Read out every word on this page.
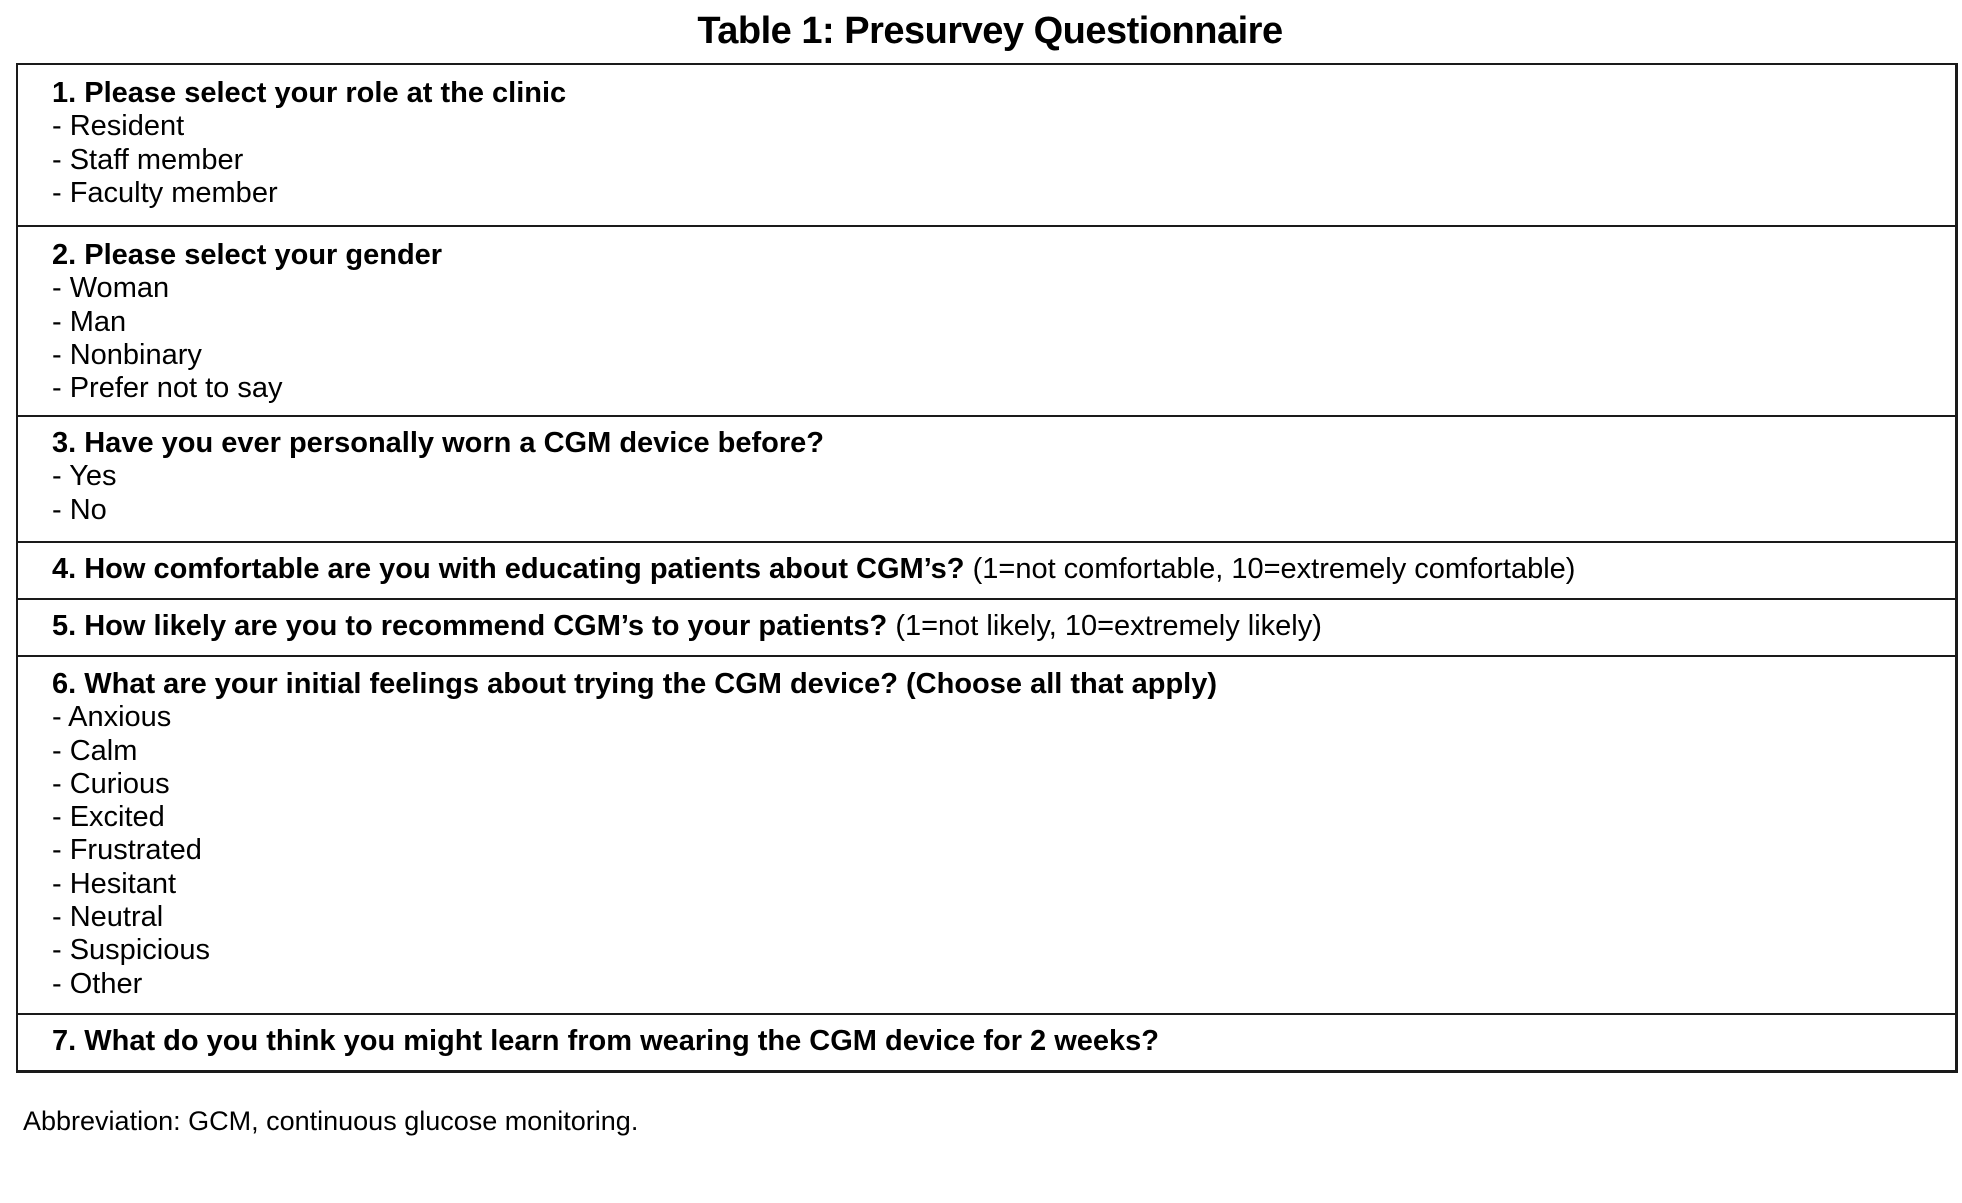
Table 1: Presurvey Questionnaire
1. Please select your role at the clinic
- Resident
- Staff member
- Faculty member
2. Please select your gender
- Woman
- Man
- Nonbinary
- Prefer not to say
3. Have you ever personally worn a CGM device before?
- Yes
- No
4. How comfortable are you with educating patients about CGM’s? (1=not comfortable, 10=extremely comfortable)
5. How likely are you to recommend CGM’s to your patients? (1=not likely, 10=extremely likely)
6. What are your initial feelings about trying the CGM device? (Choose all that apply)
- Anxious
- Calm
- Curious
- Excited
- Frustrated
- Hesitant
- Neutral
- Suspicious
- Other
7. What do you think you might learn from wearing the CGM device for 2 weeks?
Abbreviation: GCM, continuous glucose monitoring.
